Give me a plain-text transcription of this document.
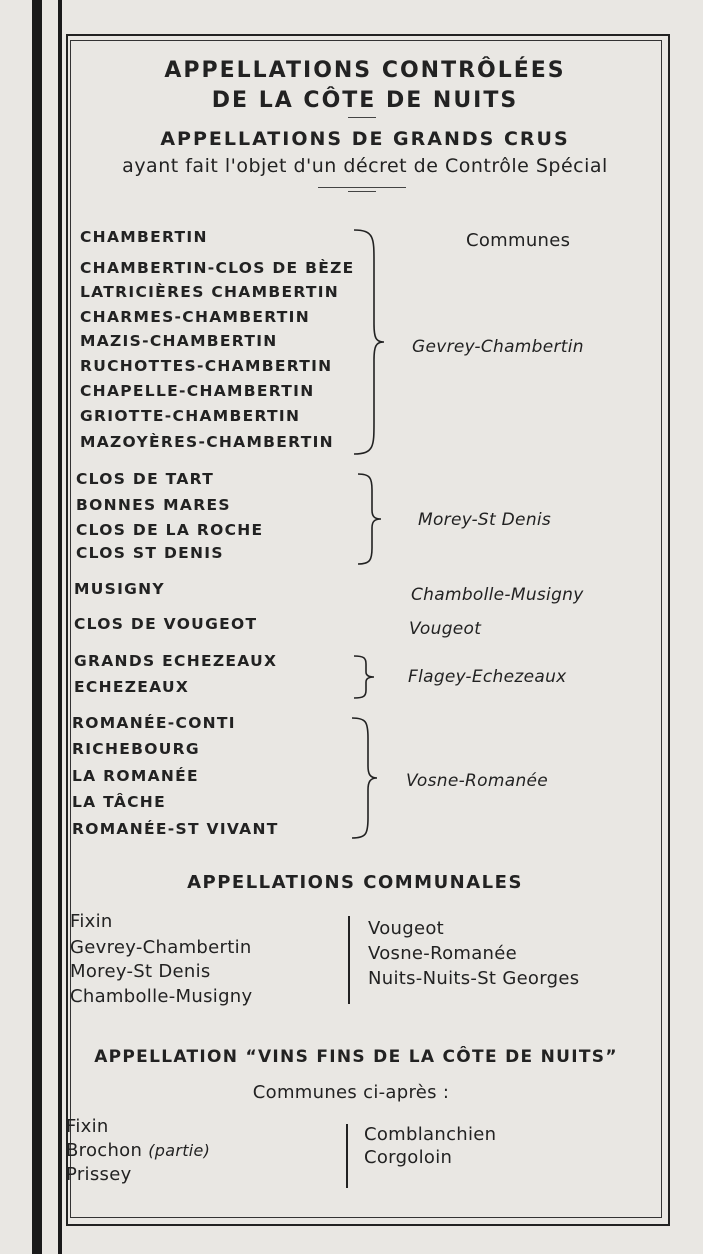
APPELLATIONS CONTRÔLÉES
DE LA CÔTE DE NUITS
APPELLATIONS DE GRANDS CRUS
ayant fait l'objet d'un décret de Contrôle Spécial
Communes
CHAMBERTIN
CHAMBERTIN-CLOS DE BÈZE
LATRICIÈRES CHAMBERTIN
CHARMES-CHAMBERTIN
MAZIS-CHAMBERTIN
RUCHOTTES-CHAMBERTIN
CHAPELLE-CHAMBERTIN
GRIOTTE-CHAMBERTIN
MAZOYÈRES-CHAMBERTIN
Gevrey-Chambertin
CLOS DE TART
BONNES MARES
CLOS DE LA ROCHE
CLOS ST DENIS
Morey-St Denis
MUSIGNY	Chambolle-Musigny
CLOS DE VOUGEOT	Vougeot
GRANDS ECHEZEAUX
ECHEZEAUX	Flagey-Echezeaux
ROMANÉE-CONTI
RICHEBOURG
LA ROMANÉE
LA TÂCHE
ROMANÉE-ST VIVANT
Vosne-Romanée
APPELLATIONS COMMUNALES
Fixin
Gevrey-Chambertin
Morey-St Denis
Chambolle-Musigny
Vougeot
Vosne-Romanée
Nuits-Nuits-St Georges
APPELLATION “VINS FINS DE LA CÔTE DE NUITS”
Communes ci-après :
Fixin
Brochon (partie)
Prissey
Comblanchien
Corgoloin
